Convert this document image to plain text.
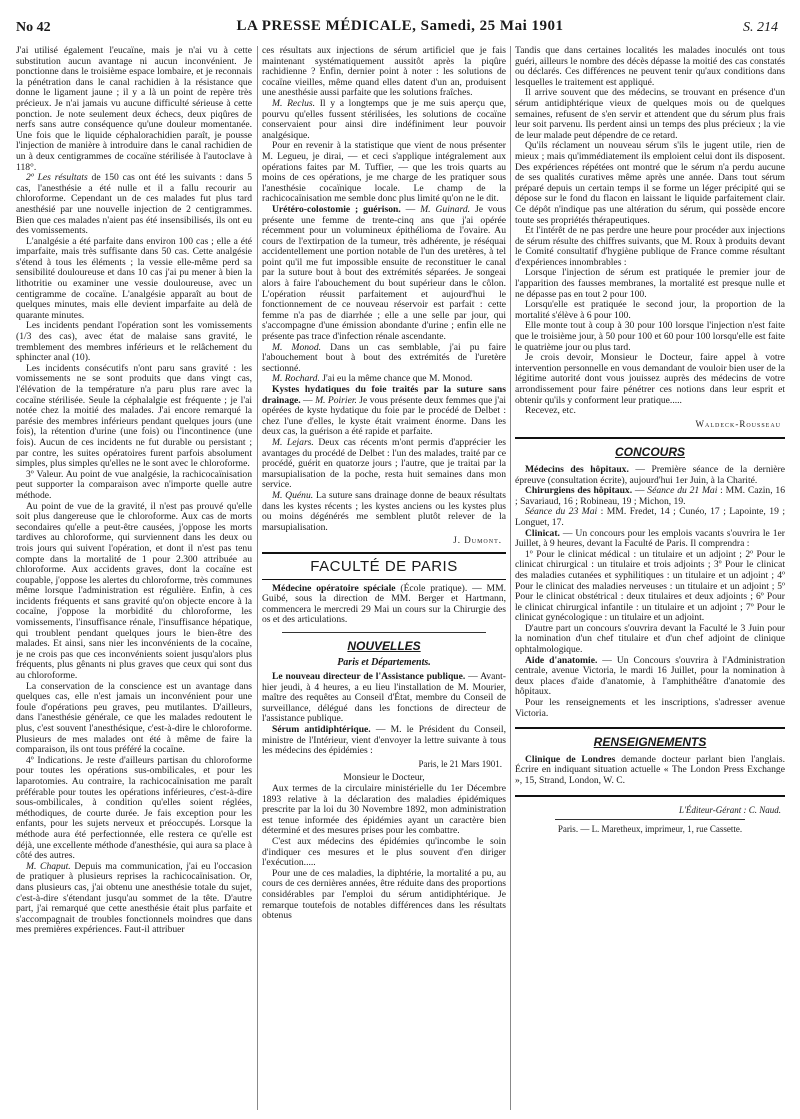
No 42	LA PRESSE MÉDICALE, Samedi, 25 Mai 1901	S. 214

J'ai utilisé également l'eucaïne, mais je n'ai vu à cette substitution aucun avantage ni aucun inconvénient. Je ponctionne dans le troisième espace lombaire, et je reconnais la pénétration dans le canal rachidien à la résistance que donne le ligament jaune ; il y a là un point de repère très précieux. Je n'ai jamais vu aucune difficulté sérieuse à cette ponction. Je note seulement deux échecs, deux piqûres de nerfs sans autre conséquence qu'une douleur momentanée. Une fois que le liquide céphalorachidien paraît, je pousse l'injection de manière à introduire dans le canal rachidien de un à deux centigrammes de cocaïne stérilisée à l'autoclave à 118°.

2º Les résultats de 150 cas ont été les suivants : dans 5 cas, l'anesthésie a été nulle et il a fallu recourir au chloroforme. Cependant un de ces malades fut plus tard anesthésié par une nouvelle injection de 2 centigrammes. Bien que ces malades n'aient pas été insensibilisés, ils ont eu des vomissements.

L'analgésie a été parfaite dans environ 100 cas ; elle a été imparfaite, mais très suffisante dans 50 cas. Cette analgésie s'étend à tous les éléments ; la vessie elle-même perd sa sensibilité douloureuse et dans 10 cas j'ai pu mener à bien la lithotritie ou examiner une vessie douloureuse, avec un centigramme de cocaïne. L'analgésie apparaît au bout de quelques minutes, mais elle devient imparfaite au delà de quarante minutes.

Les incidents pendant l'opération sont les vomissements (1/3 des cas), avec état de malaise sans gravité, le tremblement des membres inférieurs et le relâchement du sphincter anal (10).

Les incidents consécutifs n'ont paru sans gravité : les vomissements ne se sont produits que dans vingt cas, l'élévation de la température n'a paru plus rare avec la cocaïne stérilisée. Seule la céphalalgie est fréquente ; je l'ai notée chez la moitié des malades. J'ai encore remarqué la parésie des membres inférieurs pendant quelques jours (une fois), la rétention d'urine (une fois) ou l'incontinence (une fois). Aucun de ces incidents ne fut durable ou persistant ; par contre, les suites opératoires furent parfois absolument simples, plus simples qu'elles ne le sont avec le chloroforme.

3º Valeur. Au point de vue analgésie, la rachicocaïnisation peut supporter la comparaison avec n'importe quelle autre méthode.

Au point de vue de la gravité, il n'est pas prouvé qu'elle soit plus dangereuse que le chloroforme. Aux cas de morts secondaires qu'elle a peut-être causées, j'oppose les morts tardives au chloroforme, qui surviennent dans les deux ou trois jours qui suivent l'opération, et dont il n'est pas tenu compte dans la mortalité de 1 pour 2.300 attribuée au chloroforme. Aux accidents graves, dont la cocaïne est coupable, j'oppose les alertes du chloroforme, très communes même lorsque l'administration est régulière. Enfin, à ces incidents fréquents et sans gravité qu'on objecte encore à la cocaïne, j'oppose la morbidité du chloroforme, les vomissements, l'insuffisance rénale, l'insuffisance hépatique, qui troublent pendant quelques jours le bien-être des malades. Et ainsi, sans nier les inconvénients de la cocaïne, je ne crois pas que ces inconvénients soient jusqu'alors plus fréquents, plus gênants ni plus graves que ceux qui sont dus au chloroforme.

La conservation de la conscience est un avantage dans quelques cas, elle n'est jamais un inconvénient pour une foule d'opérations peu graves, peu mutilantes. D'ailleurs, dans l'anesthésie générale, ce que les malades redoutent le plus, c'est souvent l'anesthésique, c'est-à-dire le chloroforme. Plusieurs de mes malades ont été à même de faire la comparaison, ils ont tous préféré la cocaïne.

4º Indications. Je reste d'ailleurs partisan du chloroforme pour toutes les opérations sus-ombilicales, et pour les laparotomies. Au contraire, la rachicocaïnisation me paraît préférable pour toutes les opérations inférieures, c'est-à-dire sous-ombilicales, à condition qu'elles soient réglées, méthodiques, de courte durée. Je fais exception pour les enfants, pour les sujets nerveux et préoccupés. Lorsque la méthode aura été perfectionnée, elle restera ce qu'elle est déjà, une excellente méthode d'anesthésie, qui aura sa place à côté des autres.

M. Chaput. Depuis ma communication, j'ai eu l'occasion de pratiquer à plusieurs reprises la rachicocaïnisation. Or, dans plusieurs cas, j'ai obtenu une anesthésie totale du sujet, c'est-à-dire s'étendant jusqu'au sommet de la tête. D'autre part, j'ai remarqué que cette anesthésie était plus parfaite et s'accompagnait de troubles fonctionnels moindres que dans mes premières expériences. Faut-il attribuer

ces résultats aux injections de sérum artificiel que je fais maintenant systématiquement aussitôt après la piqûre rachidienne ? Enfin, dernier point à noter : les solutions de cocaïne vieilles, même quand elles datent d'un an, produisent une anesthésie aussi parfaite que les solutions fraîches.

M. Reclus. Il y a longtemps que je me suis aperçu que, pourvu qu'elles fussent stérilisées, les solutions de cocaïne conservaient pour ainsi dire indéfiniment leur pouvoir analgésique.

Pour en revenir à la statistique que vient de nous présenter M. Legueu, je dirai, — et ceci s'applique intégralement aux opérations faites par M. Tuffier, — que les trois quarts au moins de ces opérations, je me charge de les pratiquer sous l'anesthésie cocaïnique locale. Le champ de la rachicocaïnisation me semble donc plus limité qu'on ne le dit.

Urétéro-colostomie ; guérison. — M. Guinard. Je vous présente une femme de trente-cinq ans que j'ai opérée récemment pour un volumineux épithélioma de l'ovaire. Au cours de l'extirpation de la tumeur, très adhérente, je réséquai accidentellement une portion notable de l'un des uretères, à tel point qu'il me fut impossible ensuite de reconstituer le canal par la suture bout à bout des extrémités séparées. Je songeai alors à faire l'abouchement du bout supérieur dans le côlon. L'opération réussit parfaitement et aujourd'hui le fonctionnement de ce nouveau réservoir est parfait : cette femme n'a pas de diarrhée ; elle a une selle par jour, qui s'accompagne d'une émission abondante d'urine ; enfin elle ne présente pas trace d'infection rénale ascendante.

M. Monod. Dans un cas semblable, j'ai pu faire l'abouchement bout à bout des extrémités de l'uretère sectionné.

M. Rochard. J'ai eu la même chance que M. Monod.

Kystes hydatiques du foie traités par la suture sans drainage. — M. Poirier. Je vous présente deux femmes que j'ai opérées de kyste hydatique du foie par le procédé de Delbet : chez l'une d'elles, le kyste était vraiment énorme. Dans les deux cas, la guérison a été rapide et parfaite.

M. Lejars. Deux cas récents m'ont permis d'apprécier les avantages du procédé de Delbet : l'un des malades, traité par ce procédé, guérit en quatorze jours ; l'autre, que je traitai par la marsupialisation de la poche, resta huit semaines dans mon service.

M. Quénu. La suture sans drainage donne de beaux résultats dans les kystes récents ; les kystes anciens ou les kystes plus ou moins dégénérés me semblent plutôt relever de la marsupialisation.

J. Dumont.
FACULTÉ DE PARIS

Médecine opératoire spéciale (École pratique). — MM. Guibé, sous la direction de MM. Berger et Hartmann, commencera le mercredi 29 Mai un cours sur la Chirurgie des os et des articulations.

NOUVELLES
Paris et Départements.

Le nouveau directeur de l'Assistance publique. — Avant-hier jeudi, à 4 heures, a eu lieu l'installation de M. Mourier, maître des requêtes au Conseil d'État, membre du Conseil de surveillance, délégué dans les fonctions de directeur de l'assistance publique.

Sérum antidiphtérique. — M. le Président du Conseil, ministre de l'Intérieur, vient d'envoyer la lettre suivante à tous les médecins des épidémies :

Paris, le 21 Mars 1901.

Monsieur le Docteur,

Aux termes de la circulaire ministérielle du 1er Décembre 1893 relative à la déclaration des maladies épidémiques prescrite par la loi du 30 Novembre 1892, mon administration est tenue informée des épidémies ayant un caractère bien déterminé et des mesures prises pour les combattre.

C'est aux médecins des épidémies qu'incombe le soin d'indiquer ces mesures et le plus souvent d'en diriger l'exécution.....

Pour une de ces maladies, la diphtérie, la mortalité a pu, au cours de ces dernières années, être réduite dans des proportions considérables par l'emploi du sérum antidiphtérique. Je remarque toutefois de notables différences dans les résultats obtenus

Tandis que dans certaines localités les malades inoculés ont tous guéri, ailleurs le nombre des décès dépasse la moitié des cas constatés ou déclarés. Ces différences ne peuvent tenir qu'aux conditions dans lesquelles le traitement est appliqué.

Il arrive souvent que des médecins, se trouvant en présence d'un sérum antidiphtérique vieux de quelques mois ou de quelques semaines, refusent de s'en servir et attendent que du sérum plus frais leur soit parvenu. Ils perdent ainsi un temps des plus précieux ; la vie de leur malade peut dépendre de ce retard.

Qu'ils réclament un nouveau sérum s'ils le jugent utile, rien de mieux ; mais qu'immédiatement ils emploient celui dont ils disposent. Des expériences répétées ont montré que le sérum n'a perdu aucune de ses qualités curatives même après une année. Dans tout sérum préparé depuis un certain temps il se forme un léger précipité qui se dépose sur le fond du flacon en laissant le liquide parfaitement clair. Ce dépôt n'indique pas une altération du sérum, qui possède encore toute ses propriétés thérapeutiques.

Et l'intérêt de ne pas perdre une heure pour procéder aux injections de sérum résulte des chiffres suivants, que M. Roux à produits devant le Comité consultatif d'hygiène publique de France comme résultant d'expériences innombrables :

Lorsque l'injection de sérum est pratiquée le premier jour de l'apparition des fausses membranes, la mortalité est presque nulle et ne dépasse pas en tout 2 pour 100.

Lorsqu'elle est pratiquée le second jour, la proportion de la mortalité s'élève à 6 pour 100.

Elle monte tout à coup à 30 pour 100 lorsque l'injection n'est faite que le troisième jour, à 50 pour 100 et 60 pour 100 lorsqu'elle est faite le quatrième jour ou plus tard.

Je crois devoir, Monsieur le Docteur, faire appel à votre intervention personnelle en vous demandant de vouloir bien user de la légitime autorité dont vous jouissez auprès des médecins de votre arrondissement pour faire pénétrer ces notions dans leur esprit et obtenir qu'ils y conforment leur pratique.....

Recevez, etc.

Waldeck-Rousseau
CONCOURS

Médecins des hôpitaux. — Première séance de la dernière épreuve (consultation écrite), aujourd'hui 1er Juin, à la Charité.

Chirurgiens des hôpitaux. — Séance du 21 Mai : MM. Cazin, 16 ; Savariaud, 16 ; Robineau, 19 ; Michon, 19.

Séance du 23 Mai : MM. Fredet, 14 ; Cunéo, 17 ; Lapointe, 19 ; Longuet, 17.

Clinicat. — Un concours pour les emplois vacants s'ouvrira le 1er Juillet, à 9 heures, devant la Faculté de Paris. Il comprendra :

1º Pour le clinicat médical : un titulaire et un adjoint ; 2º Pour le clinicat chirurgical : un titulaire et trois adjoints ; 3º Pour le clinicat des maladies cutanées et syphilitiques : un titulaire et un adjoint ; 4º Pour le clinicat des maladies nerveuses : un titulaire et un adjoint ; 5º Pour le clinicat obstétrical : deux titulaires et deux adjoints ; 6º Pour le clinicat chirurgical infantile : un titulaire et un adjoint ; 7º Pour le clinicat gynécologique : un titulaire et un adjoint.

D'autre part un concours s'ouvrira devant la Faculté le 3 Juin pour la nomination d'un chef titulaire et d'un chef adjoint de clinique ophtalmologique.

Aide d'anatomie. — Un Concours s'ouvrira à l'Administration centrale, avenue Victoria, le mardi 16 Juillet, pour la nomination à deux places d'aide d'anatomie, à l'amphithéâtre d'anatomie des hôpitaux.

Pour les renseignements et les inscriptions, s'adresser avenue Victoria.

RENSEIGNEMENTS

Clinique de Londres demande docteur parlant bien l'anglais. Écrire en indiquant situation actuelle « The London Press Exchange », 15, Strand, London, W. C.

L'Éditeur-Gérant : C. Naud.

Paris. — L. Maretheux, imprimeur, 1, rue Cassette.
